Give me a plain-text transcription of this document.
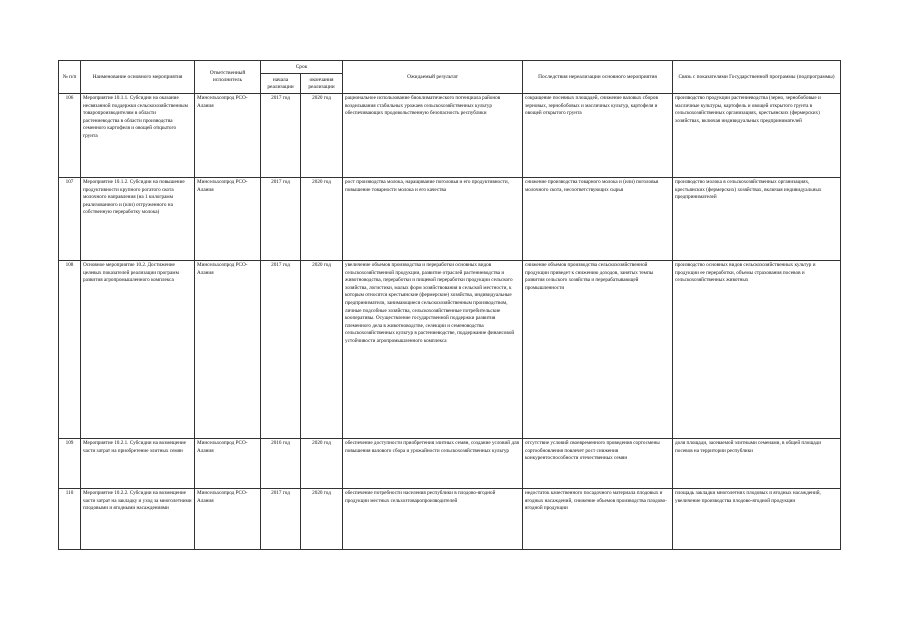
№ п/п	Наименование основного мероприятия	Ответственный исполнитель	Срок		Ожидаемый результат	Последствия нереализации основного мероприятия	Связь с показателями Государственной программы (подпрограммы)
			начала реализации	окончания реализации			
106	Мероприятие 10.1.1. Субсидии на оказание несвязанной поддержки сельскохозяйственным товаропроизводителям в области растениеводства в области производства семенного картофеля и овощей открытого грунта	Минсельхозпрод РСО-Алания	2017 год	2020 год	рациональное использование биоклиматического потенциала районов возделывания стабильных урожаев сельскохозяйственных культур обеспечивающих продовольственную безопасность республики	сокращение посевных площадей, снижение валовых сборов зерновых, зернобобовых и масличных культур, картофеля и овощей открытого грунта	производство продукции растениеводства (зерно, зернобобовые и масличные культуры, картофель и овощей открытого грунта в сельскохозяйственных организациях, крестьянских (фермерских) хозяйствах, включая индивидуальных предпринимателей
107	Мероприятие 10.1.2. Субсидии на повышение продуктивности крупного рогатого скота молочного направления (на 1 килограмм реализованного и (или) отгруженного на собственную переработку молока)	Минсельхозпрод РСО-Алания	2017 год	2020 год	рост производства молока, наращивание поголовья и его продуктивности, повышение товарности молока и его качества	снижение производства товарного молока и (или) поголовья молочного скота, несоответствующих сырья	производство молока в сельскохозяйственных организациях, крестьянских (фермерских) хозяйствах, включая индивидуальных предпринимателей
108	Основное мероприятие 10.2. Достижение целевых показателей реализации программ развития агропромышленного комплекса	Минсельхозпрод РСО-Алания	2017 год	2020 год	увеличение объемов производства и переработки основных видов сельскохозяйственной продукции, развитие отраслей растениеводства и животноводства, переработки и пищевой переработки продукции сельского хозяйства, логистики, малых форм хозяйствования в сельской местности, к которым относятся крестьянские (фермерские) хозяйства, индивидуальные предприниматели, занимающиеся сельскохозяйственным производством, личные подсобные хозяйства, сельскохозяйственные потребительские кооперативы. Осуществление государственной поддержки развития племенного дела в животноводстве, селекции и семеноводства сельскохозяйственных культур в растениеводстве, поддержание финансовой устойчивости агропромышленного комплекса	снижение объемов производства сельскохозяйственной продукции приведет к снижению доходов, занятых темпы развития сельского хозяйства и перерабатывающей промышленности	производство основных видов сельскохозяйственных культур и продукции ее переработки, объемы страхования посевов и сельскохозяйственных животных
109	Мероприятие 10.2.1. Субсидии на возмещение части затрат на приобретение элитных семян	Минсельхозпрод РСО-Алания	2016 год	2020 год	обеспечение доступности приобретения элитных семян, создание условий для повышения валового сбора и урожайности сельскохозяйственных культур	отсутствие условий своевременного проведения сортосмены сортообновления повлечет рост снижения конкурентоспособности отечественных семян	доля площади, засеваемой элитными семенами, в общей площади посевов на территории республики
110	Мероприятие 10.2.2. Субсидии на возмещение части затрат на закладку и уход за многолетними плодовыми и ягодными насаждениями	Минсельхозпрод РСО-Алания	2017 год	2020 год	обеспечение потребности населения республики в плодово-ягодной продукции местных сельхозтоваропроизводителей	недостаток качественного посадочного материала плодовых и ягодных насаждений, снижение объемов производства плодово-ягодной продукции	площадь закладки многолетних плодовых и ягодных насаждений, увеличение производства плодово-ягодной продукции
